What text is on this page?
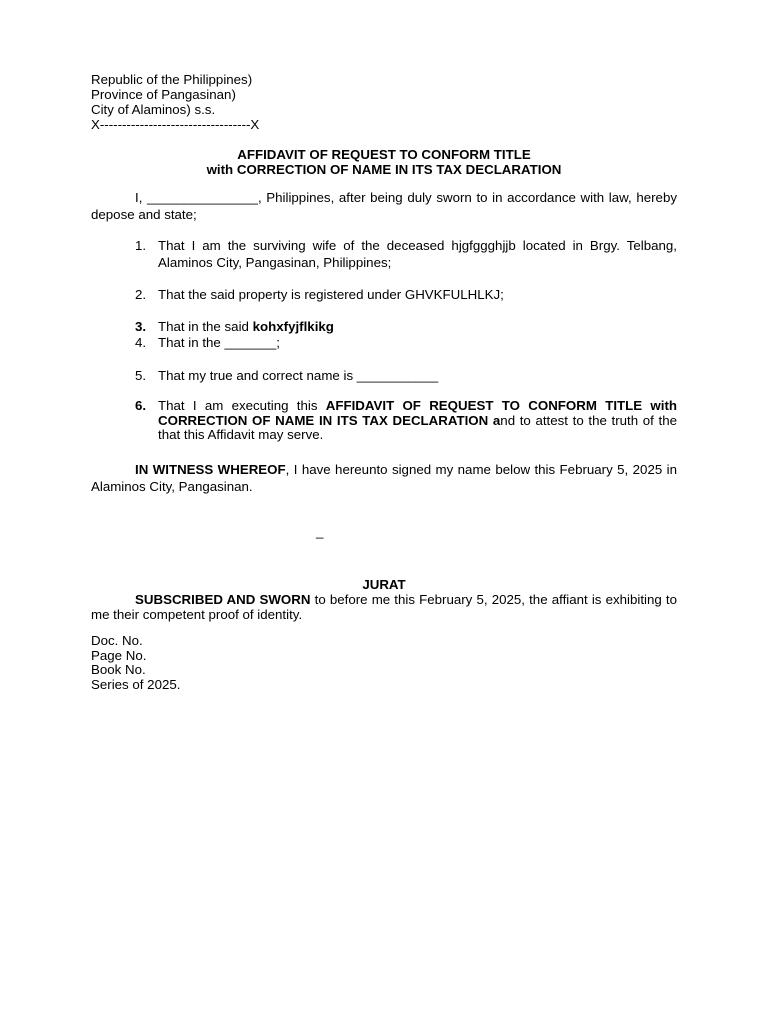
Republic of the Philippines)
Province of Pangasinan)
City of Alaminos) s.s.
X----------------------------------X
AFFIDAVIT OF REQUEST TO CONFORM TITLE
with CORRECTION OF NAME IN ITS TAX DECLARATION
I, _______________, Philippines, after being duly sworn to in accordance with law, hereby depose and state;
1. That I am the surviving wife of the deceased hjgfggghjjb located in Brgy. Telbang, Alaminos City, Pangasinan, Philippines;
2. That the said property is registered under GHVKFULHLKJ;
3. That in the said kohxfyjflkikg
4. That in the _______;
5. That my true and correct name is ___________
6. That I am executing this AFFIDAVIT OF REQUEST TO CONFORM TITLE with CORRECTION OF NAME IN ITS TAX DECLARATION and to attest to the truth of the that this Affidavit may serve.
IN WITNESS WHEREOF, I have hereunto signed my name below this February 5, 2025 in Alaminos City, Pangasinan.
_
JURAT
SUBSCRIBED AND SWORN to before me this February 5, 2025, the affiant is exhibiting to me their competent proof of identity.
Doc. No.
Page No.
Book No.
Series of 2025.
